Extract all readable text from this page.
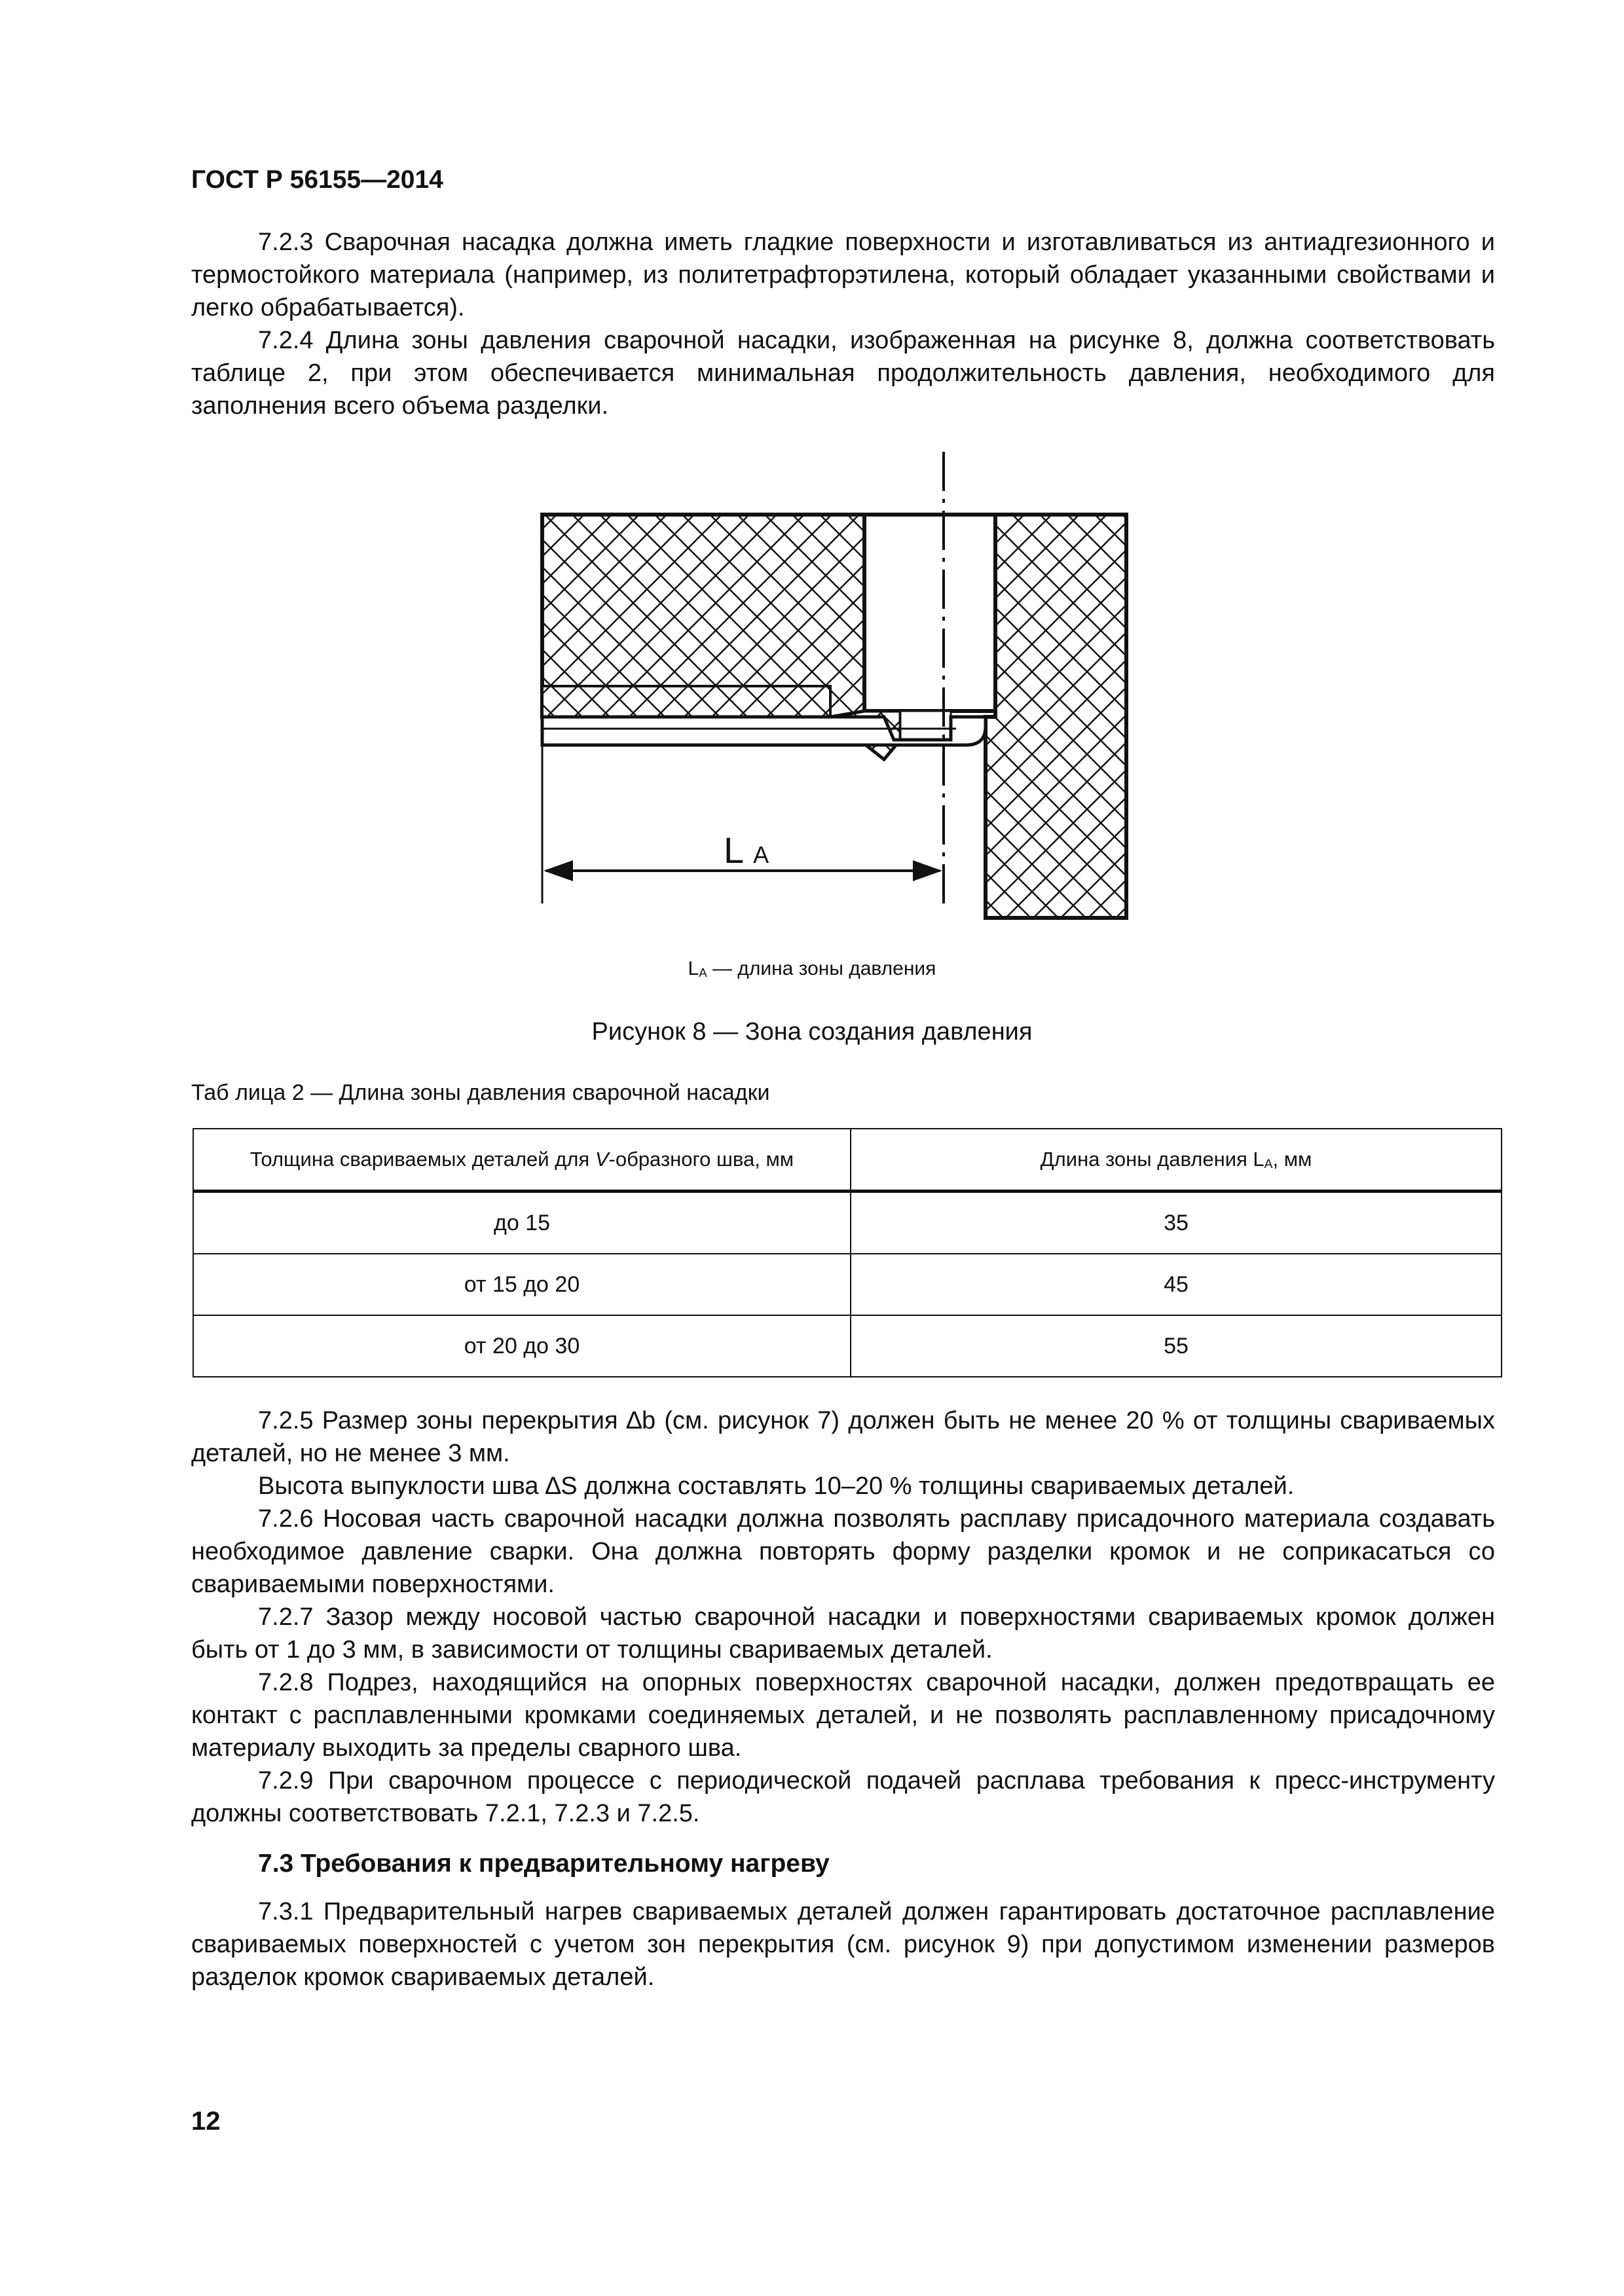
ГОСТ Р 56155—2014

7.2.3 Сварочная насадка должна иметь гладкие поверхности и изготавливаться из антиадгезионного и термостойкого материала (например, из политетрафторэтилена, который обладает указанными свойствами и легко обрабатывается).

7.2.4 Длина зоны давления сварочной насадки, изображенная на рисунке 8, должна соответствовать таблице 2, при этом обеспечивается минимальная продолжительность давления, необходимого для заполнения всего объема разделки.

L A
$L_A$ — длина зоны давления
Рисунок 8 — Зона создания давления
Таб лица 2 — Длина зоны давления сварочной насадки
Толщина свариваемых деталей для V-образного шва, мм	Длина зоны давления $L_A$, мм
до 15	35
от 15 до 20	45
от 20 до 30	55

7.2.5 Размер зоны перекрытия ∆b (см. рисунок 7) должен быть не менее 20 % от толщины свариваемых деталей, но не менее 3 мм.

Высота выпуклости шва ∆S должна составлять 10–20 % толщины свариваемых деталей.

7.2.6 Носовая часть сварочной насадки должна позволять расплаву присадочного материала создавать необходимое давление сварки. Она должна повторять форму разделки кромок и не соприкасаться со свариваемыми поверхностями.

7.2.7 Зазор между носовой частью сварочной насадки и поверхностями свариваемых кромок должен быть от 1 до 3 мм, в зависимости от толщины свариваемых деталей.

7.2.8 Подрез, находящийся на опорных поверхностях сварочной насадки, должен предотвращать ее контакт с расплавленными кромками соединяемых деталей, и не позволять расплавленному присадочному материалу выходить за пределы сварного шва.

7.2.9 При сварочном процессе с периодической подачей расплава требования к пресс-инструменту должны соответствовать 7.2.1, 7.2.3 и 7.2.5.

7.3 Требования к предварительному нагреву

7.3.1 Предварительный нагрев свариваемых деталей должен гарантировать достаточное расплавление свариваемых поверхностей с учетом зон перекрытия (см. рисунок 9) при допустимом изменении размеров разделок кромок свариваемых деталей.

12
